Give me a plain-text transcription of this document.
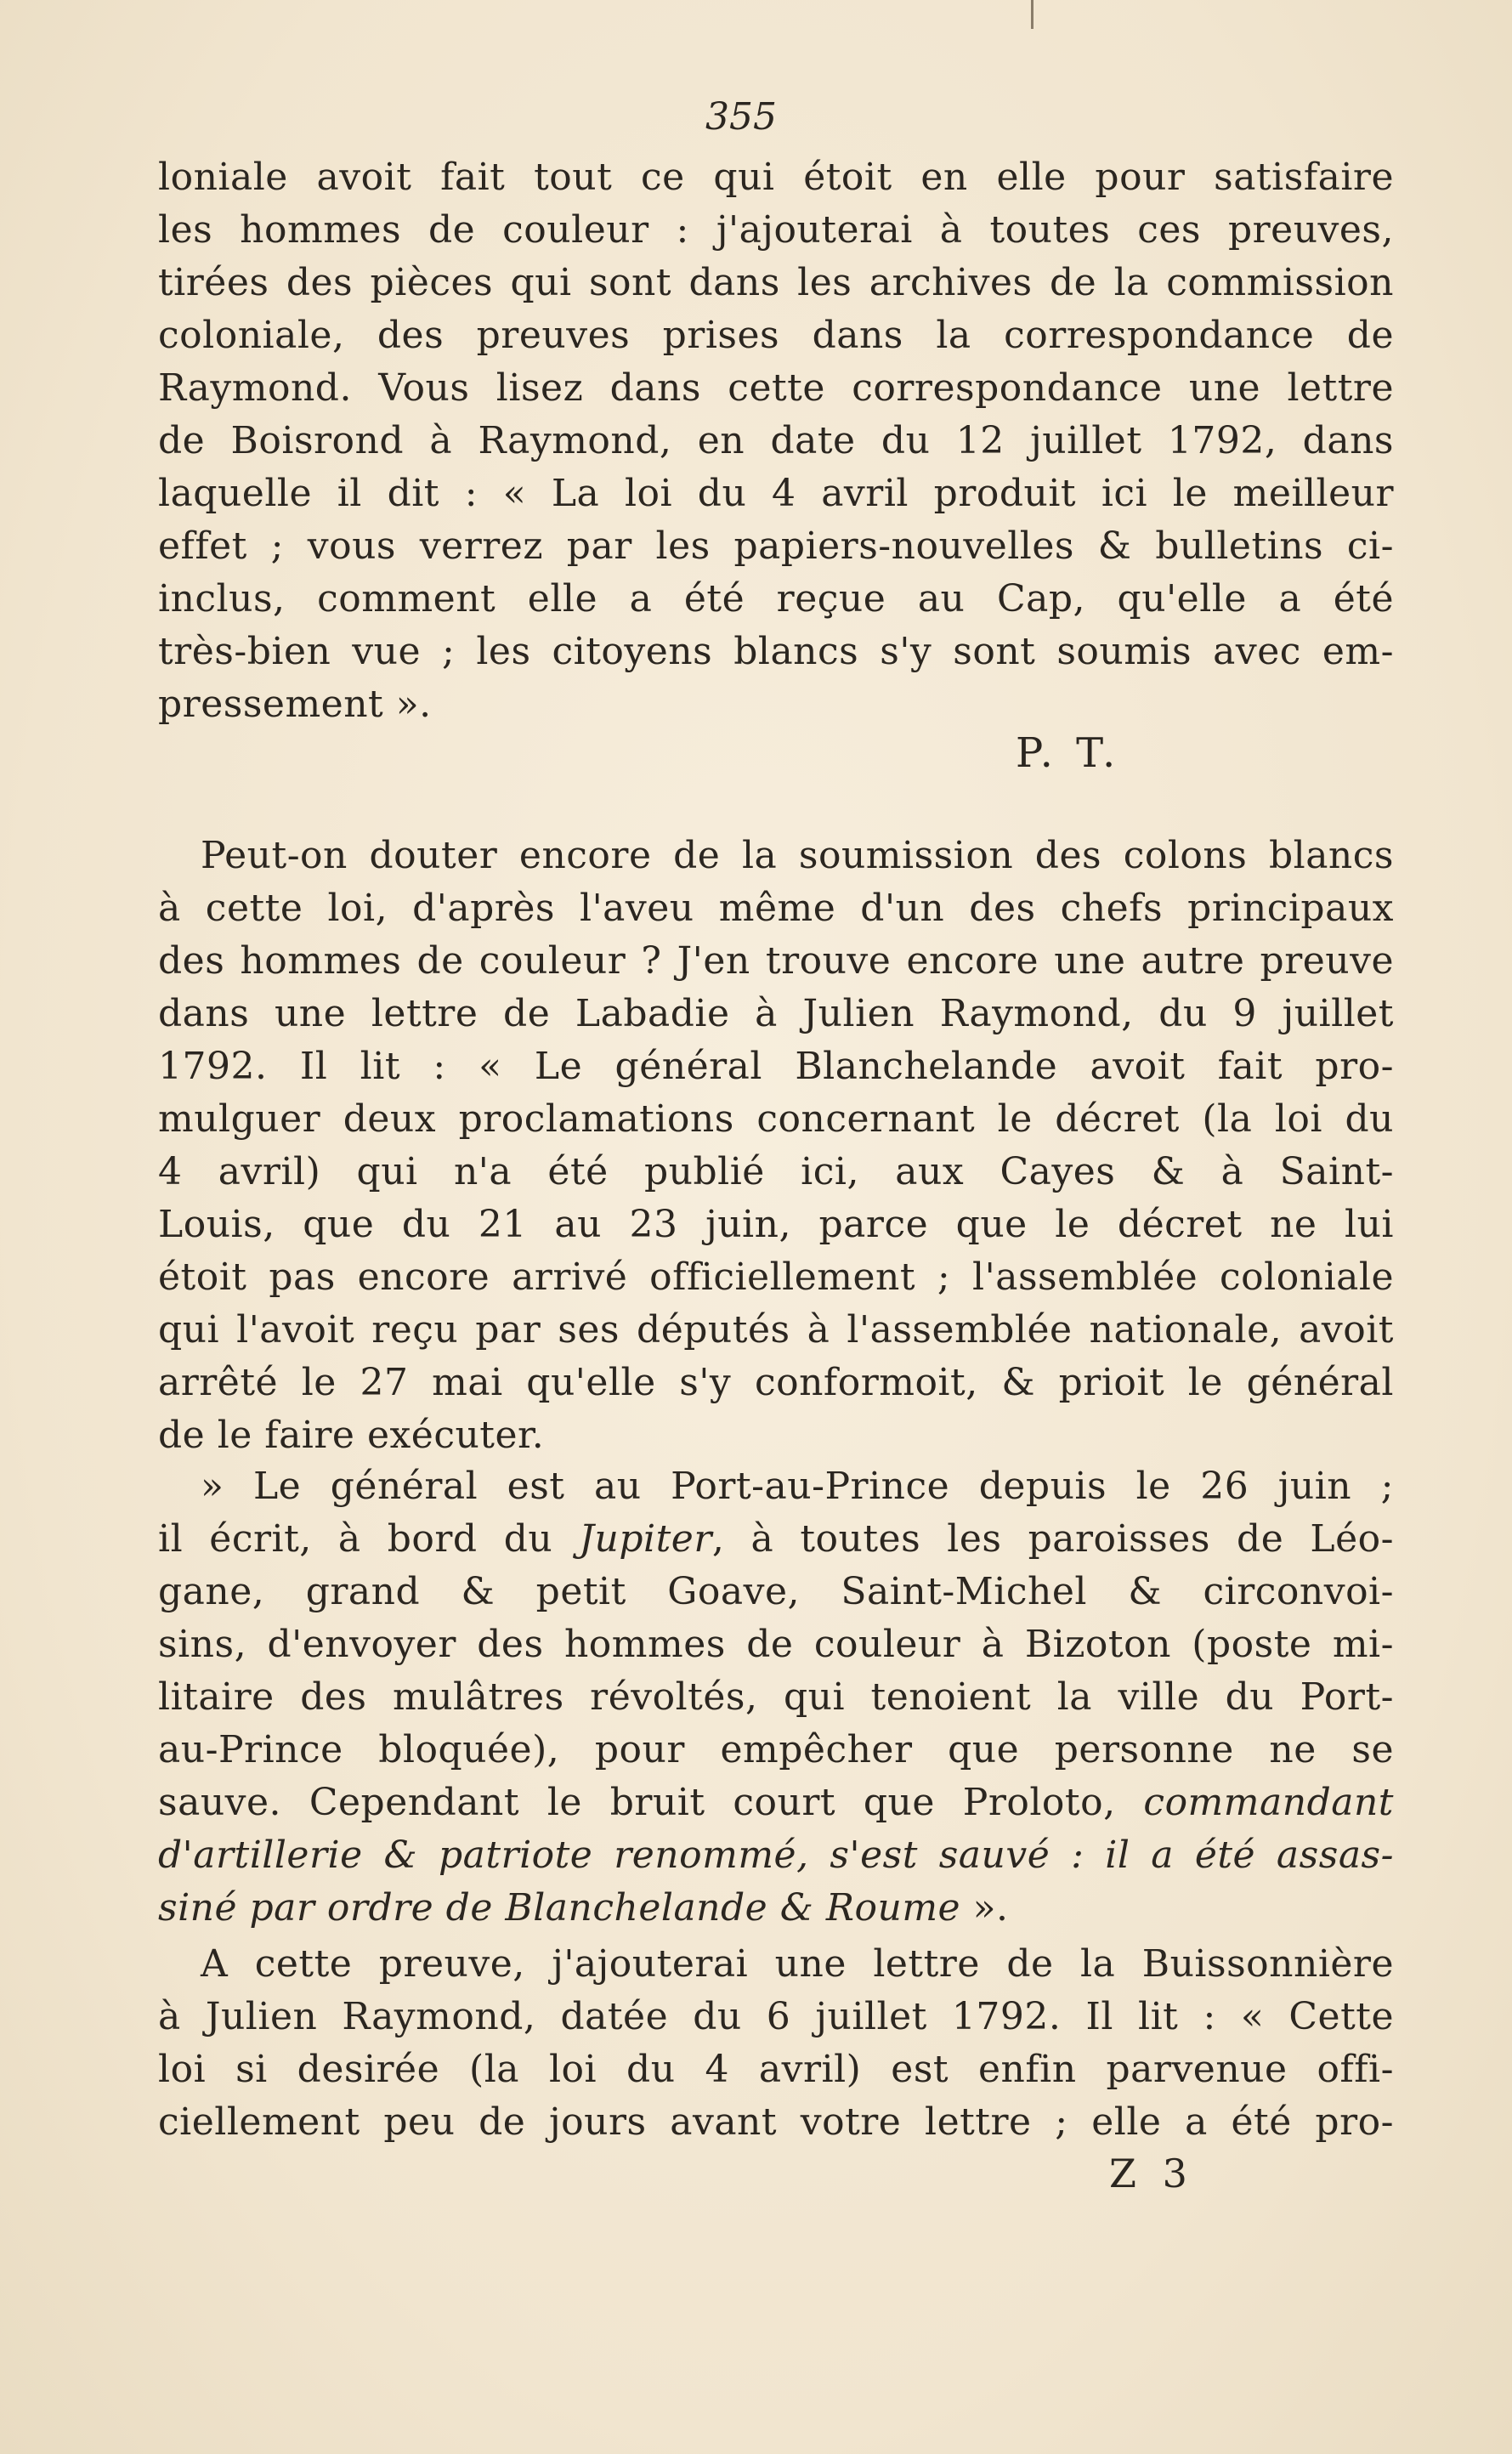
355
loniale avoit fait tout ce qui étoit en elle pour satisfaire
les hommes de couleur : j'ajouterai à toutes ces preuves,
tirées des pièces qui sont dans les archives de la commission
coloniale, des preuves prises dans la correspondance de
Raymond. Vous lisez dans cette correspondance une lettre
de Boisrond à Raymond, en date du 12 juillet 1792, dans
laquelle il dit : « La loi du 4 avril produit ici le meilleur
effet ; vous verrez par les papiers-nouvelles & bulletins ci-
inclus, comment elle a été reçue au Cap, qu'elle a été
très-bien vue ; les citoyens blancs s'y sont soumis avec em-
pressement ».
P. T.
Peut-on douter encore de la soumission des colons blancs
à cette loi, d'après l'aveu même d'un des chefs principaux
des hommes de couleur ? J'en trouve encore une autre preuve
dans une lettre de Labadie à Julien Raymond, du 9 juillet
1792. Il lit : « Le général Blanchelande avoit fait pro-
mulguer deux proclamations concernant le décret (la loi du
4 avril) qui n'a été publié ici, aux Cayes & à Saint-
Louis, que du 21 au 23 juin, parce que le décret ne lui
étoit pas encore arrivé officiellement ; l'assemblée coloniale
qui l'avoit reçu par ses députés à l'assemblée nationale, avoit
arrêté le 27 mai qu'elle s'y conformoit, & prioit le général
de le faire exécuter.
» Le général est au Port-au-Prince depuis le 26 juin ;
il écrit, à bord du Jupiter, à toutes les paroisses de Léo-
gane, grand & petit Goave, Saint-Michel & circonvoi-
sins, d'envoyer des hommes de couleur à Bizoton (poste mi-
litaire des mulâtres révoltés, qui tenoient la ville du Port-
au-Prince bloquée), pour empêcher que personne ne se
sauve. Cependant le bruit court que Proloto, commandant
d'artillerie & patriote renommé, s'est sauvé : il a été assas-
siné par ordre de Blanchelande & Roume ».
A cette preuve, j'ajouterai une lettre de la Buissonnière
à Julien Raymond, datée du 6 juillet 1792. Il lit : « Cette
loi si desirée (la loi du 4 avril) est enfin parvenue offi-
ciellement peu de jours avant votre lettre ; elle a été pro-
Z 3
